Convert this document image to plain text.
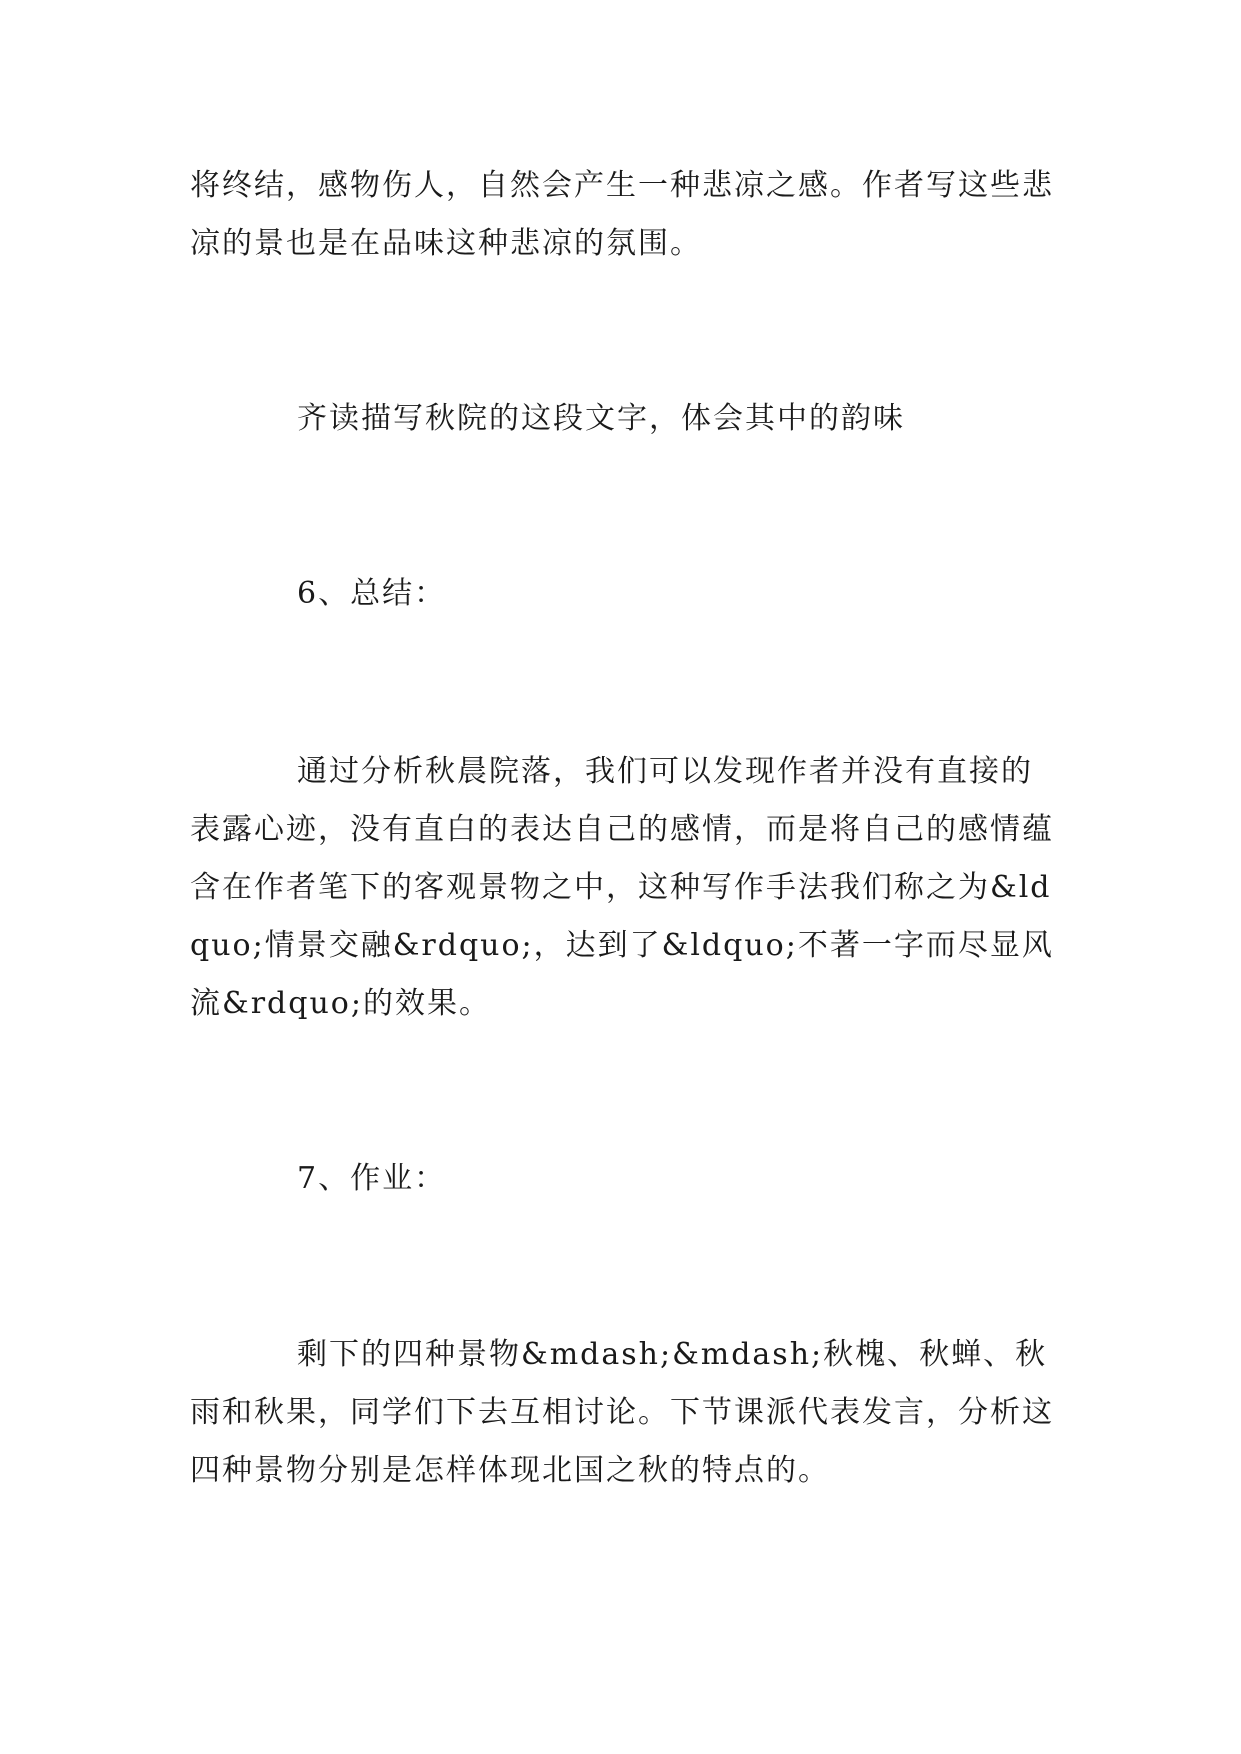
将终结，感物伤人，自然会产生一种悲凉之感。作者写这些悲凉的景也是在品味这种悲凉的氛围。

齐读描写秋院的这段文字，体会其中的韵味

6、总结：

通过分析秋晨院落，我们可以发现作者并没有直接的表露心迹，没有直白的表达自己的感情，而是将自己的感情蕴含在作者笔下的客观景物之中，这种写作手法我们称之为&ldquo;情景交融&rdquo;，达到了&ldquo;不著一字而尽显风流&rdquo;的效果。

7、作业：

剩下的四种景物&mdash;&mdash;秋槐、秋蝉、秋雨和秋果，同学们下去互相讨论。下节课派代表发言，分析这四种景物分别是怎样体现北国之秋的特点的。
